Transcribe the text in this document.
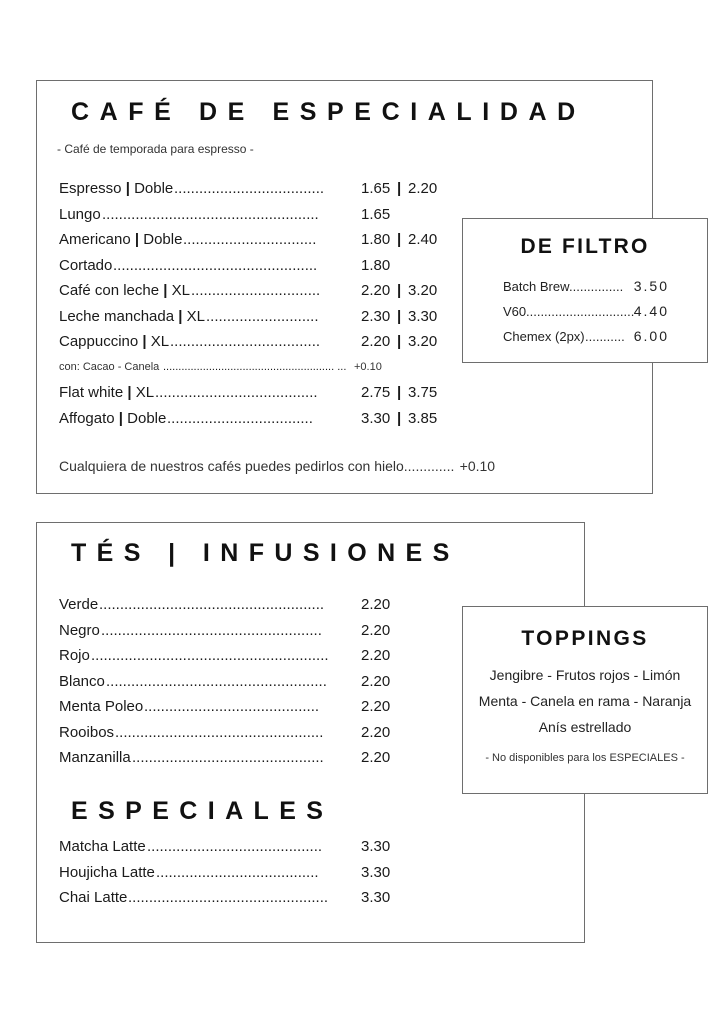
CAFÉ DE ESPECIALIDAD
- Café de temporada para espresso -
Espresso | Doble ....................................	1.65 | 2.20
Lungo ....................................................	1.65
Americano | Doble ................................	1.80 | 2.40
Cortado .................................................	1.80
Café con leche | XL ...............................	2.20 | 3.20
Leche manchada | XL ...........................	2.30 | 3.30
Cappuccino | XL ....................................	2.20 | 3.20
con: Cacao - Canela ........................................................ ... +0.10
Flat white | XL .......................................	2.75 | 3.75
Affogato | Doble ...................................	3.30 | 3.85
Cualquiera de nuestros cafés puedes pedirlos con hielo............. +0.10
TÉS | INFUSIONES
Verde ......................................................	2.20
Negro .....................................................	2.20
Rojo .........................................................	2.20
Blanco .....................................................	2.20
Menta Poleo ..........................................	2.20
Rooibos ..................................................	2.20
Manzanilla ..............................................	2.20
ESPECIALES
Matcha Latte ..........................................	3.30
Houjicha Latte .......................................	3.30
Chai Latte ................................................	3.30
DE FILTRO
Batch Brew ............... 3.50
V60 .............................. 4.40
Chemex (2px) ........... 6.00
TOPPINGS
Jengibre - Frutos rojos - Limón
Menta - Canela en rama - Naranja
Anís estrellado
- No disponibles para los ESPECIALES -
